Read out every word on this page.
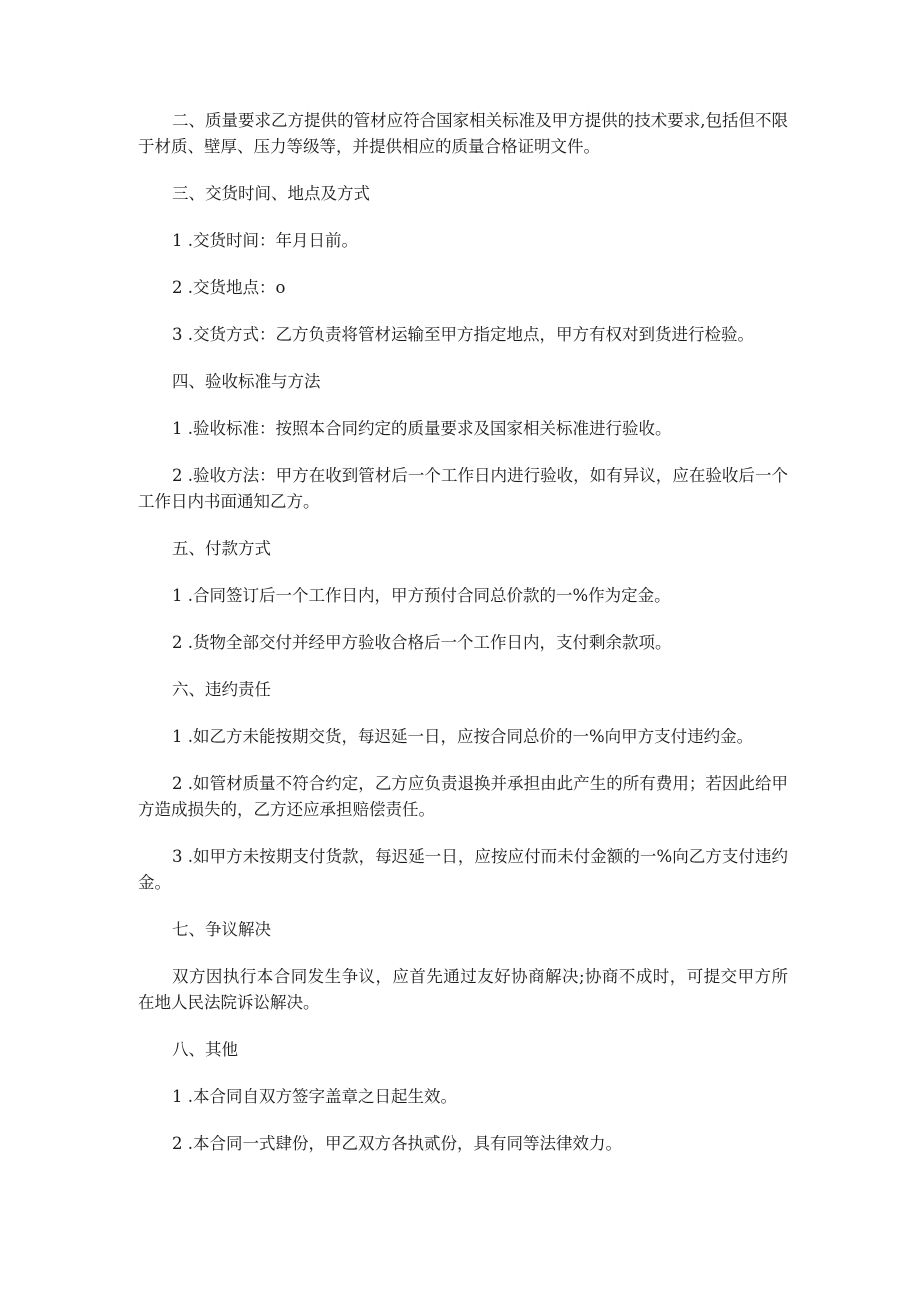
二、质量要求乙方提供的管材应符合国家相关标准及甲方提供的技术要求,包括但不限于材质、壁厚、压力等级等，并提供相应的质量合格证明文件。

三、交货时间、地点及方式

1 .交货时间：年月日前。

2 .交货地点：o

3 .交货方式：乙方负责将管材运输至甲方指定地点，甲方有权对到货进行检验。

四、验收标准与方法

1 .验收标准：按照本合同约定的质量要求及国家相关标准进行验收。

2 .验收方法：甲方在收到管材后一个工作日内进行验收，如有异议，应在验收后一个工作日内书面通知乙方。

五、付款方式

1 .合同签订后一个工作日内，甲方预付合同总价款的一%作为定金。

2 .货物全部交付并经甲方验收合格后一个工作日内，支付剩余款项。

六、违约责任

1 .如乙方未能按期交货，每迟延一日，应按合同总价的一%向甲方支付违约金。

2 .如管材质量不符合约定，乙方应负责退换并承担由此产生的所有费用；若因此给甲方造成损失的，乙方还应承担赔偿责任。

3 .如甲方未按期支付货款，每迟延一日，应按应付而未付金额的一%向乙方支付违约金。

七、争议解决

双方因执行本合同发生争议，应首先通过友好协商解决;协商不成时，可提交甲方所在地人民法院诉讼解决。

八、其他

1 .本合同自双方签字盖章之日起生效。

2 .本合同一式肆份，甲乙双方各执贰份，具有同等法律效力。
